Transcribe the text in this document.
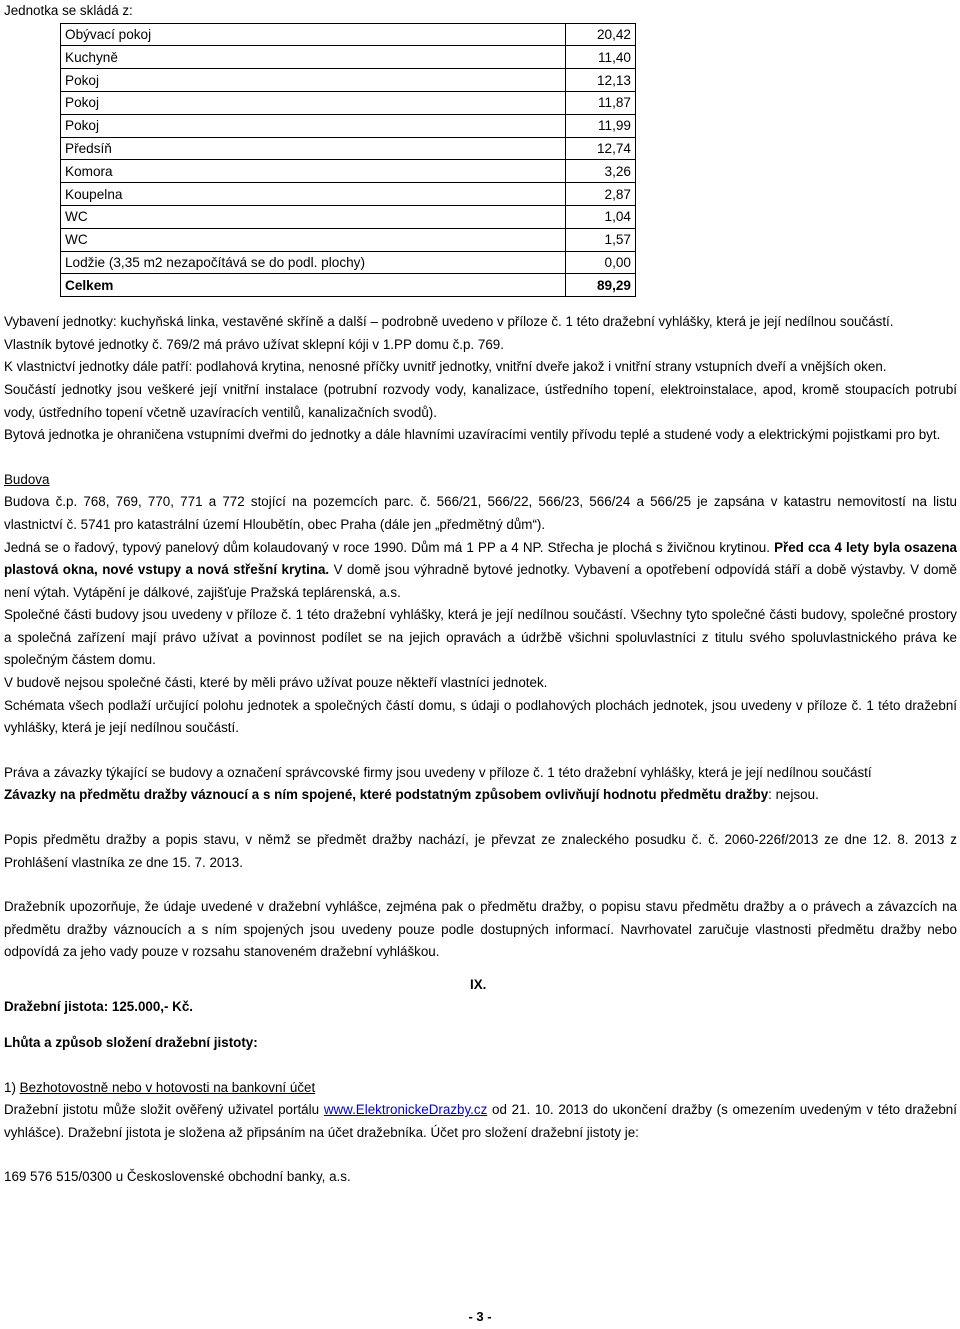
Jednotka se skládá z:

Obývací pokoj	20,42
Kuchyně	11,40
Pokoj	12,13
Pokoj	11,87
Pokoj	11,99
Předsíň	12,74
Komora	3,26
Koupelna	2,87
WC	1,04
WC	1,57
Lodžie (3,35 m2 nezapočítává se do podl. plochy)	0,00
Celkem	89,29

Vybavení jednotky: kuchyňská linka, vestavěné skříně a další – podrobně uvedeno v příloze č. 1 této dražební vyhlášky, která je její nedílnou součástí.

Vlastník bytové jednotky č. 769/2 má právo užívat sklepní kóji v 1.PP domu č.p. 769.

K vlastnictví jednotky dále patří: podlahová krytina, nenosné příčky uvnitř jednotky, vnitřní dveře jakož i vnitřní strany vstupních dveří a vnějších oken.

Součástí jednotky jsou veškeré její vnitřní instalace (potrubní rozvody vody, kanalizace, ústředního topení, elektroinstalace, apod, kromě stoupacích potrubí vody, ústředního topení včetně uzavíracích ventilů, kanalizačních svodů).

Bytová jednotka je ohraničena vstupními dveřmi do jednotky a dále hlavními uzavíracími ventily přívodu teplé a studené vody a elektrickými pojistkami pro byt.

Budova

Budova č.p. 768, 769, 770, 771 a 772 stojící na pozemcích parc. č. 566/21, 566/22, 566/23, 566/24 a 566/25 je zapsána v katastru nemovitostí na listu vlastnictví č. 5741 pro katastrální území Hloubětín, obec Praha (dále jen „předmětný dům“).

Jedná se o řadový, typový panelový dům kolaudovaný v roce 1990. Dům má 1 PP a 4 NP. Střecha je plochá s živičnou krytinou. Před cca 4 lety byla osazena plastová okna, nové vstupy a nová střešní krytina. V domě jsou výhradně bytové jednotky. Vybavení a opotřebení odpovídá stáří a době výstavby. V domě není výtah. Vytápění je dálkové, zajišťuje Pražská teplárenská, a.s.

Společné části budovy jsou uvedeny v příloze č. 1 této dražební vyhlášky, která je její nedílnou součástí. Všechny tyto společné části budovy, společné prostory a společná zařízení mají právo užívat a povinnost podílet se na jejich opravách a údržbě všichni spoluvlastníci z titulu svého spoluvlastnického práva ke společným částem domu.

V budově nejsou společné části, které by měli právo užívat pouze někteří vlastníci jednotek.

Schémata všech podlaží určující polohu jednotek a společných částí domu, s údaji o podlahových plochách jednotek, jsou uvedeny v příloze č. 1 této dražební vyhlášky, která je její nedílnou součástí.

Práva a závazky týkající se budovy a označení správcovské firmy jsou uvedeny v příloze č. 1 této dražební vyhlášky, která je její nedílnou součástí

Závazky na předmětu dražby váznoucí a s ním spojené, které podstatným způsobem ovlivňují hodnotu předmětu dražby: nejsou.

Popis předmětu dražby a popis stavu, v němž se předmět dražby nachází, je převzat ze znaleckého posudku č. č. 2060-226f/2013 ze dne 12. 8. 2013 z Prohlášení vlastníka ze dne 15. 7. 2013.

Dražebník upozorňuje, že údaje uvedené v dražební vyhlášce, zejména pak o předmětu dražby, o popisu stavu předmětu dražby a o právech a závazcích na předmětu dražby váznoucích a s ním spojených jsou uvedeny pouze podle dostupných informací. Navrhovatel zaručuje vlastnosti předmětu dražby nebo odpovídá za jeho vady pouze v rozsahu stanoveném dražební vyhláškou.

IX.
Dražební jistota: 125.000,- Kč.

Lhůta a způsob složení dražební jistoty:

1) Bezhotovostně nebo v hotovosti na bankovní účet

Dražební jistotu může složit ověřený uživatel portálu www.ElektronickeDrazby.cz od 21. 10. 2013 do ukončení dražby (s omezením uvedeným v této dražební vyhlášce). Dražební jistota je složena až připsáním na účet dražebníka. Účet pro složení dražební jistoty je:

169 576 515/0300 u Československé obchodní banky, a.s.

- 3 -
